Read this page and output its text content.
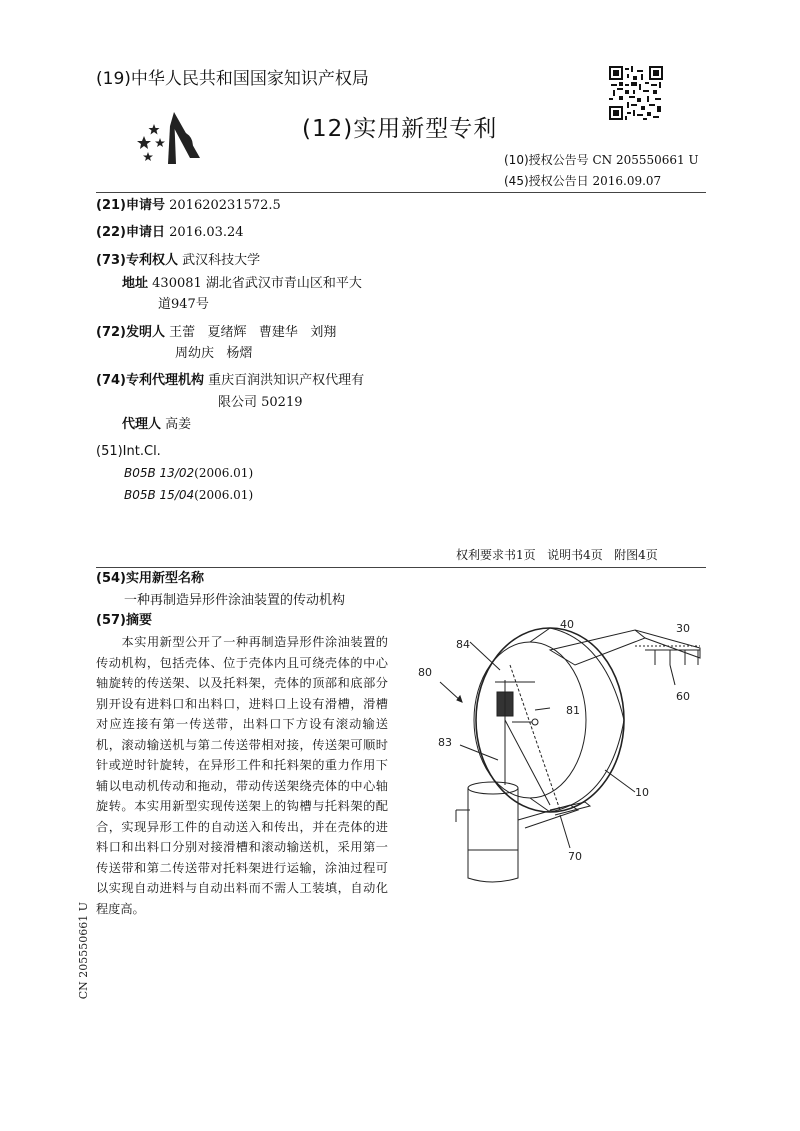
(19)中华人民共和国国家知识产权局
(12)实用新型专利
(10)授权公告号 CN 205550661 U
(45)授权公告日 2016.09.07
(21)申请号 201620231572.5
(22)申请日 2016.03.24
(73)专利权人 武汉科技大学
地址 430081 湖北省武汉市青山区和平大
道947号
(72)发明人 王蕾   夏绪辉   曹建华   刘翔
周幼庆   杨熠
(74)专利代理机构 重庆百润洪知识产权代理有
限公司 50219
代理人 高姜
(51)Int.Cl.
B05B 13/02(2006.01)
B05B 15/04(2006.01)
权利要求书1页   说明书4页   附图4页
(54)实用新型名称
一种再制造异形件涂油装置的传动机构
(57)摘要
本实用新型公开了一种再制造异形件涂油装置的传动机构，包括壳体、位于壳体内且可绕壳体的中心轴旋转的传送架、以及托料架，壳体的顶部和底部分别开设有进料口和出料口，进料口上设有滑槽，滑槽对应连接有第一传送带，出料口下方设有滚动输送机，滚动输送机与第二传送带相对接，传送架可顺时针或逆时针旋转，在异形工件和托料架的重力作用下辅以电动机传动和拖动，带动传送架绕壳体的中心轴旋转。本实用新型实现传送架上的钩槽与托料架的配合，实现异形工件的自动送入和传出，并在壳体的进料口和出料口分别对接滑槽和滚动输送机，采用第一传送带和第二传送带对托料架进行运输，涂油过程可以实现自动进料与自动出料而不需人工装填，自动化程度高。
CN 205550661 U
40	30
84
80
81
83
60
10
70
